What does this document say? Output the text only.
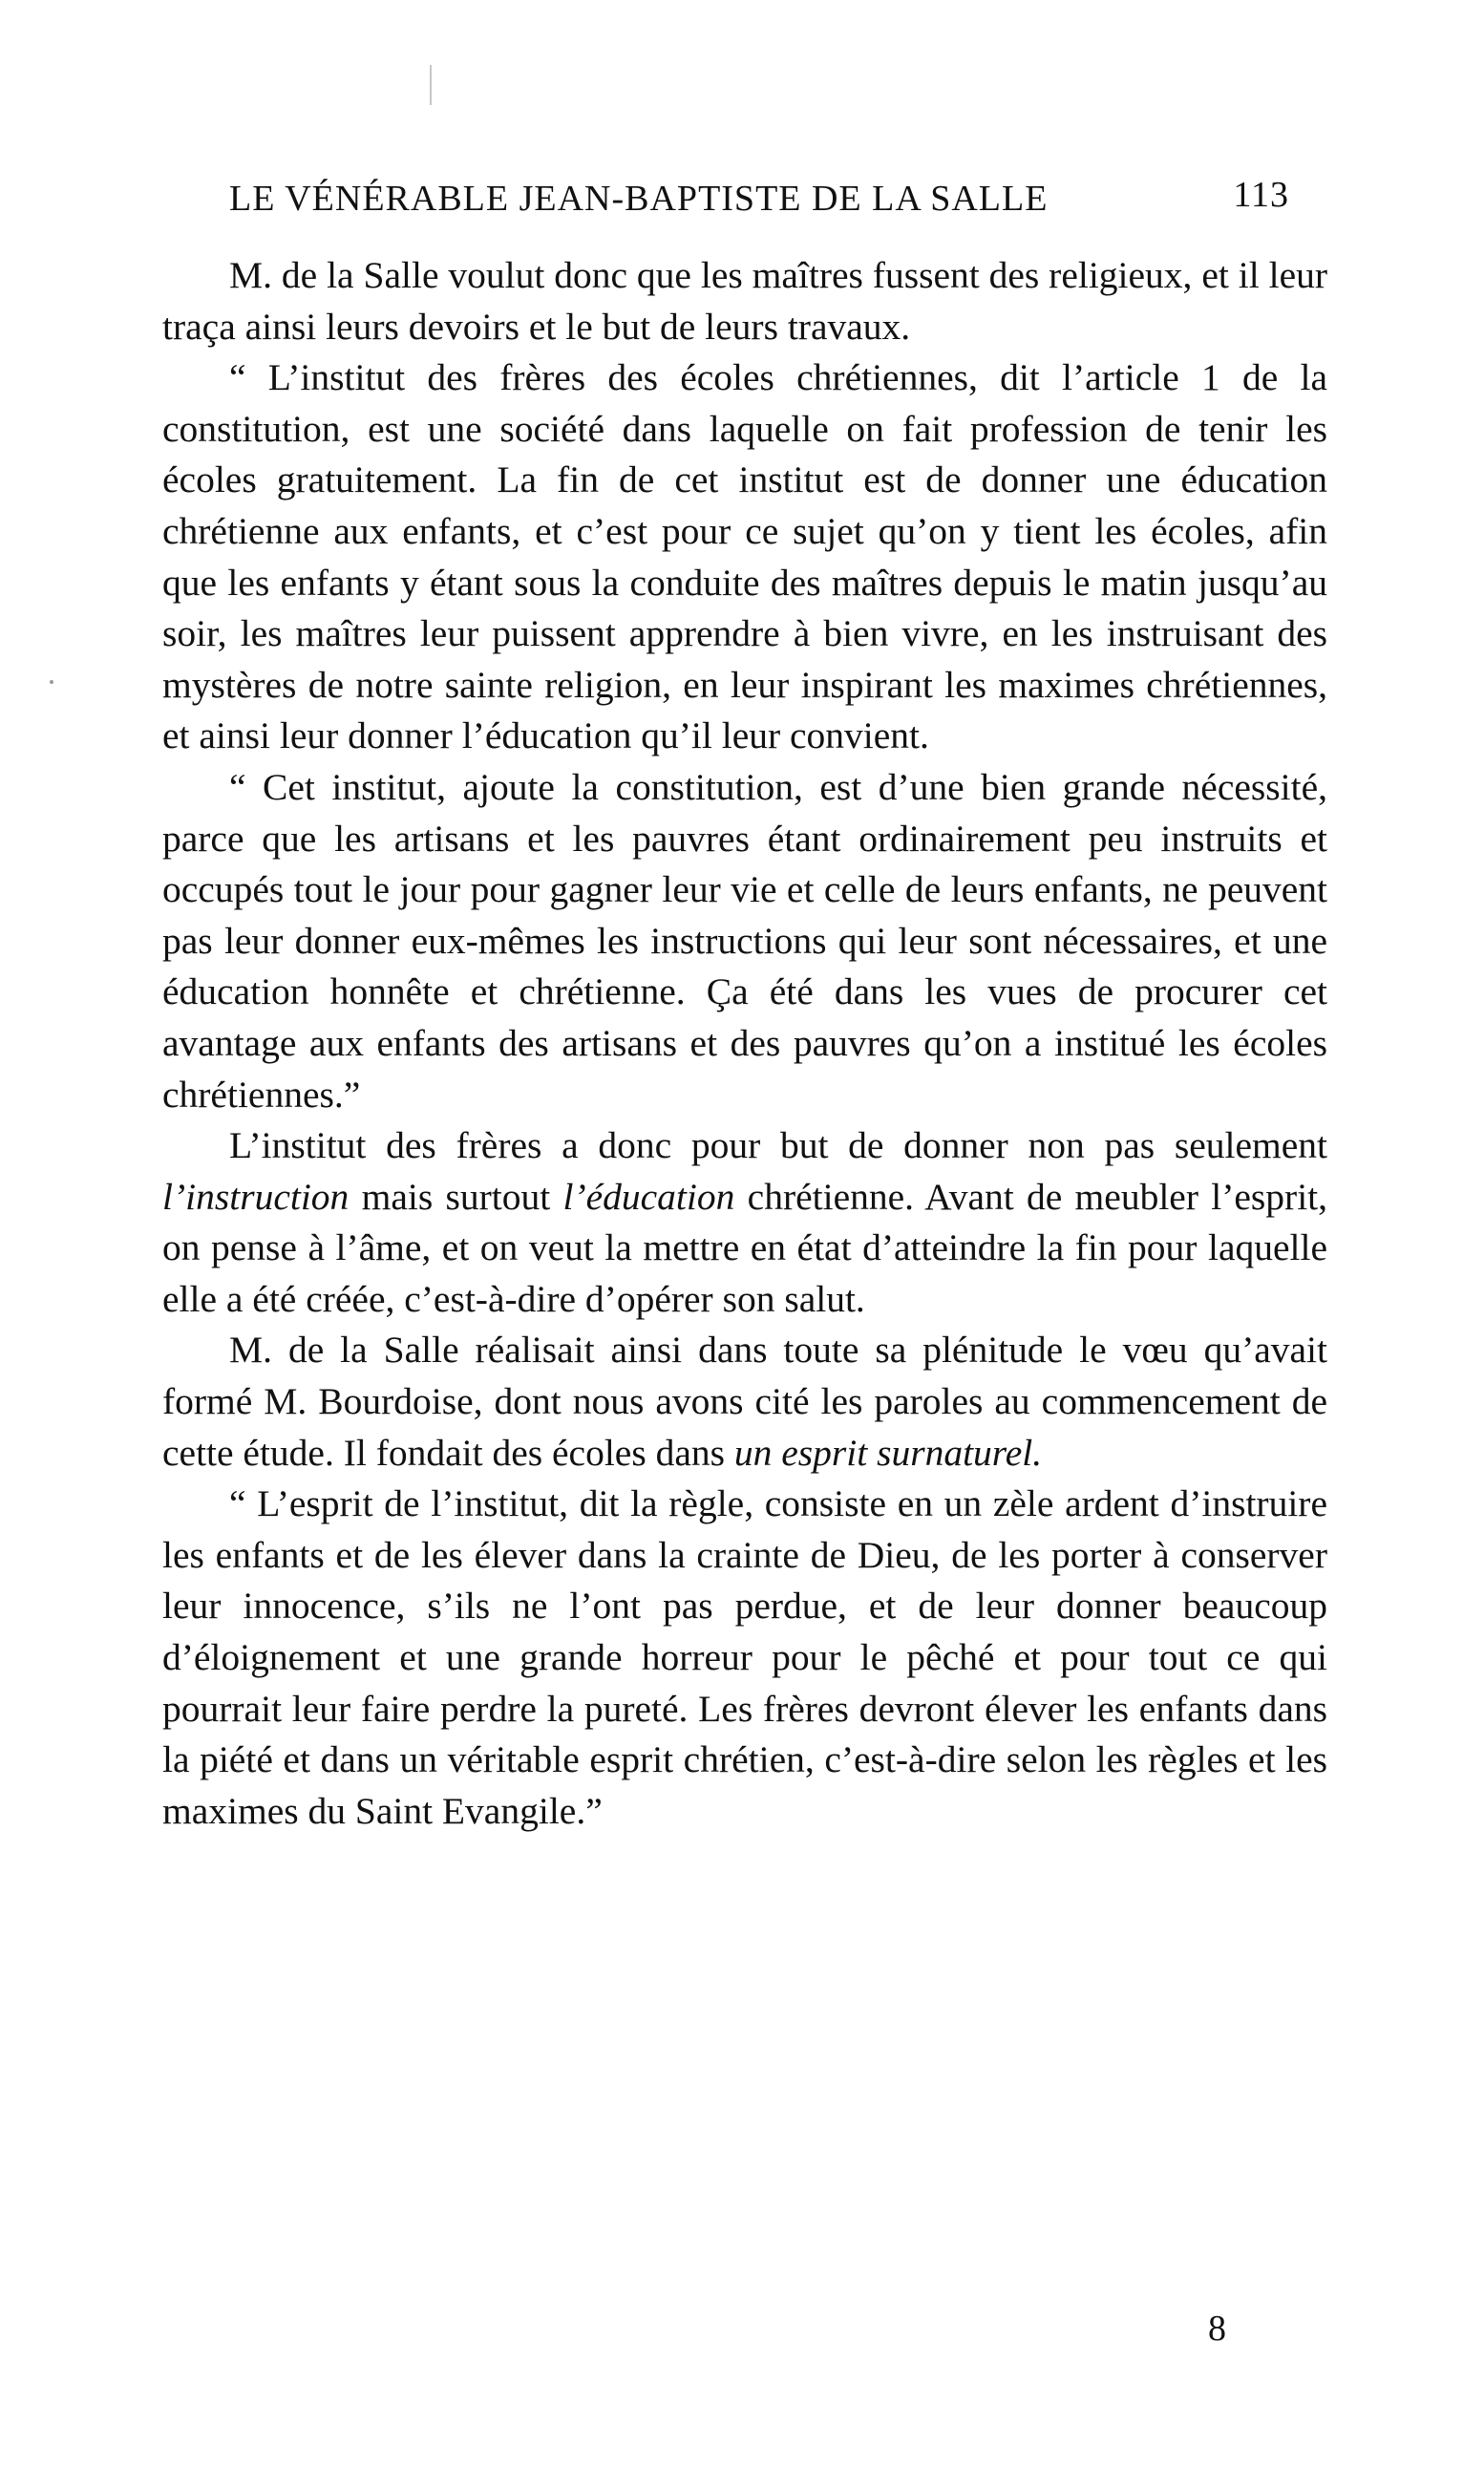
LE VÉNÉRABLE JEAN-BAPTISTE DE LA SALLE	113

M. de la Salle voulut donc que les maîtres fussent des religieux, et il leur traça ainsi leurs devoirs et le but de leurs travaux.

“ L’institut des frères des écoles chrétiennes, dit l’article 1 de la constitution, est une société dans laquelle on fait profession de tenir les écoles gratuitement. La fin de cet institut est de donner une éducation chrétienne aux enfants, et c’est pour ce sujet qu’on y tient les écoles, afin que les enfants y étant sous la conduite des maîtres depuis le matin jusqu’au soir, les maîtres leur puissent apprendre à bien vivre, en les instruisant des mystères de notre sainte religion, en leur inspirant les maximes chrétiennes, et ainsi leur donner l’éducation qu’il leur convient.

“ Cet institut, ajoute la constitution, est d’une bien grande nécessité, parce que les artisans et les pauvres étant ordinairement peu instruits et occupés tout le jour pour gagner leur vie et celle de leurs enfants, ne peuvent pas leur donner eux-mêmes les instructions qui leur sont nécessaires, et une éducation honnête et chrétienne. Ça été dans les vues de procurer cet avantage aux enfants des artisans et des pauvres qu’on a institué les écoles chrétiennes.”

L’institut des frères a donc pour but de donner non pas seulement l’instruction mais surtout l’éducation chrétienne. Avant de meubler l’esprit, on pense à l’âme, et on veut la mettre en état d’atteindre la fin pour laquelle elle a été créée, c’est-à-dire d’opérer son salut.

M. de la Salle réalisait ainsi dans toute sa plénitude le vœu qu’avait formé M. Bourdoise, dont nous avons cité les paroles au commencement de cette étude. Il fondait des écoles dans un esprit surnaturel.

“ L’esprit de l’institut, dit la règle, consiste en un zèle ardent d’instruire les enfants et de les élever dans la crainte de Dieu, de les porter à conserver leur innocence, s’ils ne l’ont pas perdue, et de leur donner beaucoup d’éloignement et une grande horreur pour le pêché et pour tout ce qui pourrait leur faire perdre la pureté. Les frères devront élever les enfants dans la piété et dans un véritable esprit chrétien, c’est-à-dire selon les règles et les maximes du Saint Evangile.”

8
